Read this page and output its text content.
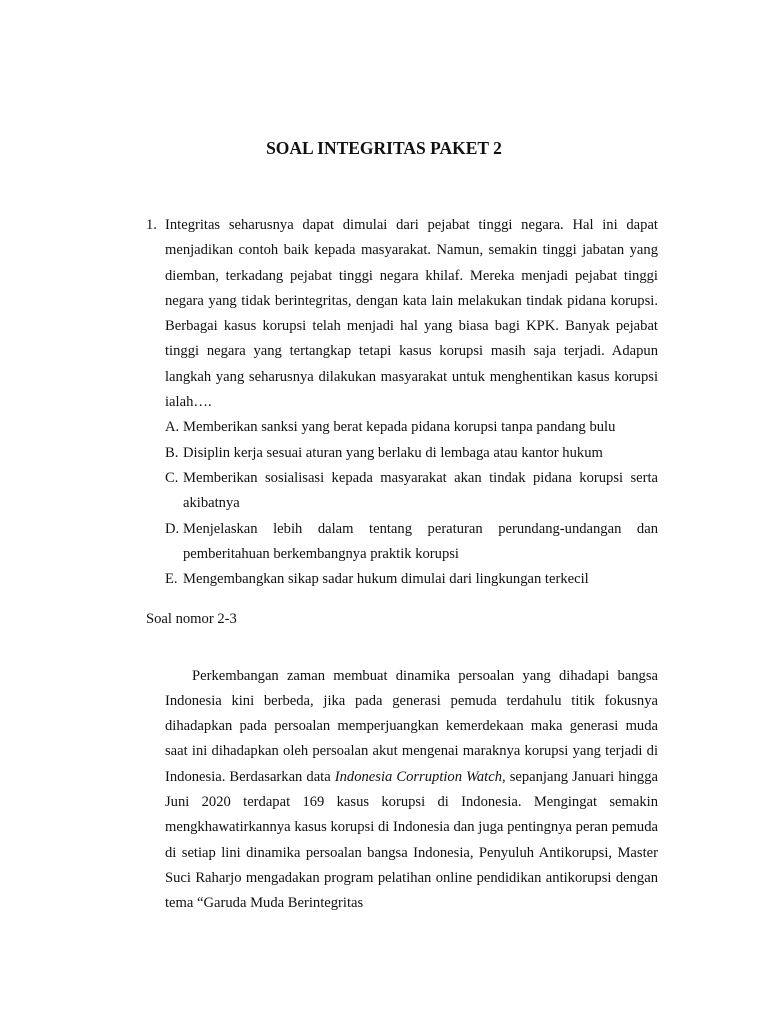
SOAL INTEGRITAS PAKET 2
1. Integritas seharusnya dapat dimulai dari pejabat tinggi negara. Hal ini dapat menjadikan contoh baik kepada masyarakat. Namun, semakin tinggi jabatan yang diemban, terkadang pejabat tinggi negara khilaf. Mereka menjadi pejabat tinggi negara yang tidak berintegritas, dengan kata lain melakukan tindak pidana korupsi. Berbagai kasus korupsi telah menjadi hal yang biasa bagi KPK. Banyak pejabat tinggi negara yang tertangkap tetapi kasus korupsi masih saja terjadi. Adapun langkah yang seharusnya dilakukan masyarakat untuk menghentikan kasus korupsi ialah….
A. Memberikan sanksi yang berat kepada pidana korupsi tanpa pandang bulu
B. Disiplin kerja sesuai aturan yang berlaku di lembaga atau kantor hukum
C. Memberikan sosialisasi kepada masyarakat akan tindak pidana korupsi serta akibatnya
D. Menjelaskan lebih dalam tentang peraturan perundang-undangan dan pemberitahuan berkembangnya praktik korupsi
E. Mengembangkan sikap sadar hukum dimulai dari lingkungan terkecil
Soal nomor 2-3

Perkembangan zaman membuat dinamika persoalan yang dihadapi bangsa Indonesia kini berbeda, jika pada generasi pemuda terdahulu titik fokusnya dihadapkan pada persoalan memperjuangkan kemerdekaan maka generasi muda saat ini dihadapkan oleh persoalan akut mengenai maraknya korupsi yang terjadi di Indonesia. Berdasarkan data Indonesia Corruption Watch, sepanjang Januari hingga Juni 2020 terdapat 169 kasus korupsi di Indonesia. Mengingat semakin mengkhawatirkannya kasus korupsi di Indonesia dan juga pentingnya peran pemuda di setiap lini dinamika persoalan bangsa Indonesia, Penyuluh Antikorupsi, Master Suci Raharjo mengadakan program pelatihan online pendidikan antikorupsi dengan tema “Garuda Muda Berintegritas
